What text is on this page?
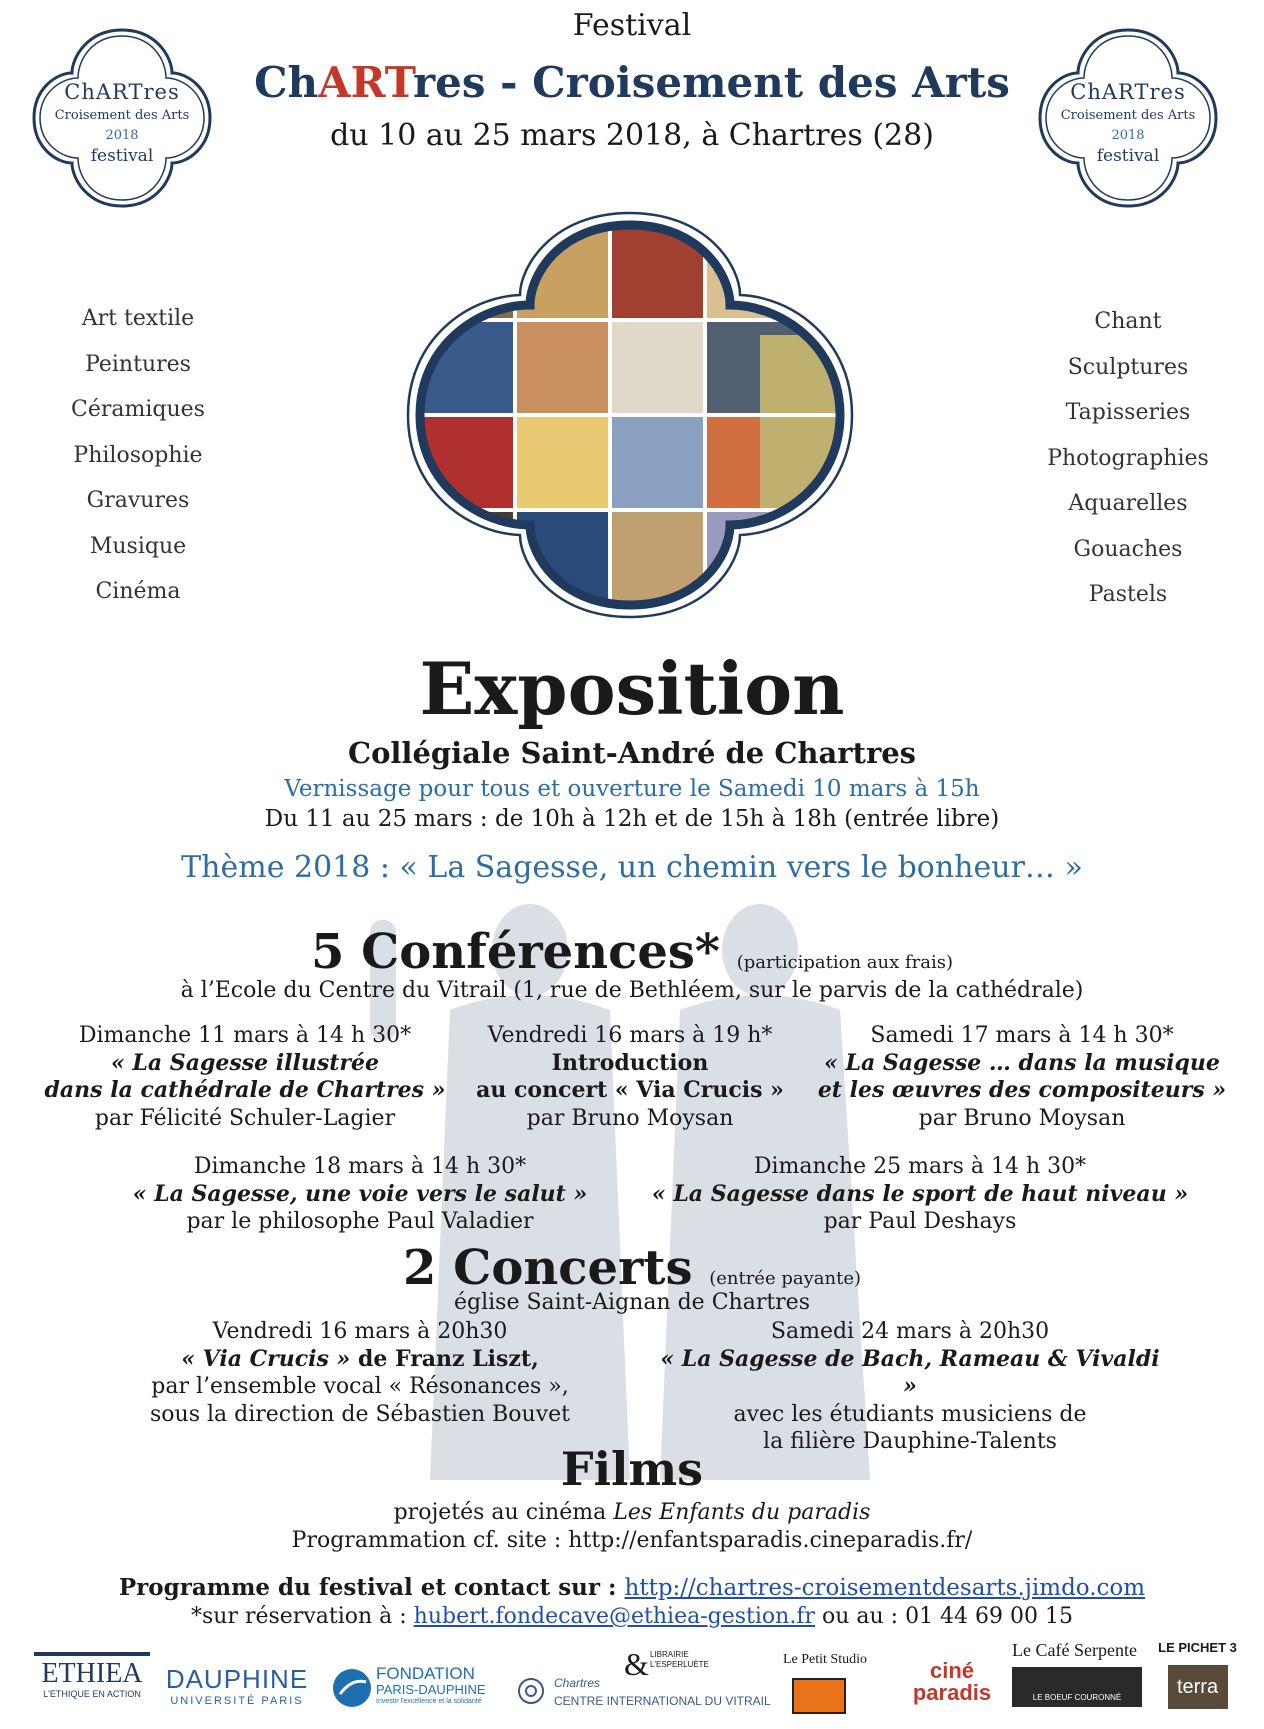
ChARTres
Croisement des Arts
2018
festival
ChARTres
Croisement des Arts
2018
festival
Festival
ChARTres - Croisement des Arts
du 10 au 25 mars 2018, à Chartres (28)
Art textile
Peintures
Céramiques
Philosophie
Gravures
Musique
Cinéma
Chant
Sculptures
Tapisseries
Photographies
Aquarelles
Gouaches
Pastels
Exposition
Collégiale Saint-André de Chartres
Vernissage pour tous et ouverture le Samedi 10 mars à 15h
Du 11 au 25 mars : de 10h à 12h et de 15h à 18h (entrée libre)
Thème 2018 : « La Sagesse, un chemin vers le bonheur… »
5 Conférences* (participation aux frais)
à l’Ecole du Centre du Vitrail (1, rue de Bethléem, sur le parvis de la cathédrale)
Dimanche 11 mars à 14 h 30*
« La Sagesse illustrée
dans la cathédrale de Chartres »
par Félicité Schuler-Lagier
Vendredi 16 mars à 19 h*
Introduction
au concert « Via Crucis »
par Bruno Moysan
Samedi 17 mars à 14 h 30*
« La Sagesse … dans la musique
et les œuvres des compositeurs »
par Bruno Moysan
Dimanche 18 mars à 14 h 30*
« La Sagesse, une voie vers le salut »
par le philosophe Paul Valadier
Dimanche 25 mars à 14 h 30*
« La Sagesse dans le sport de haut niveau »
par Paul Deshays
2 Concerts (entrée payante)
église Saint-Aignan de Chartres
Vendredi 16 mars à 20h30
« Via Crucis » de Franz Liszt,
par l’ensemble vocal « Résonances »,
sous la direction de Sébastien Bouvet
Samedi 24 mars à 20h30
« La Sagesse de Bach, Rameau & Vivaldi »
avec les étudiants musiciens de
la filière Dauphine-Talents
Films
projetés au cinéma Les Enfants du paradis
Programmation cf. site : http://enfantsparadis.cineparadis.fr/
Programme du festival et contact sur : http://chartres-croisementdesarts.jimdo.com
*sur réservation à : hubert.fondecave@ethiea-gestion.fr ou au : 01 44 69 00 15
ETHIEA
L'ETHIQUE EN ACTION DAUPHINE
UNIVERSITÉ PARIS
FONDATION
PARIS-DAUPHINE
Investir l'excellence et la solidarité
& LIBRAIRIE
L'ESPERLUÈTE
Chartres
CENTRE INTERNATIONAL DU VITRAIL
Le Petit Studio	ciné
paradis
Le Café Serpente
LE BOEUF COURONNÉ
LE PICHET 3
terra
